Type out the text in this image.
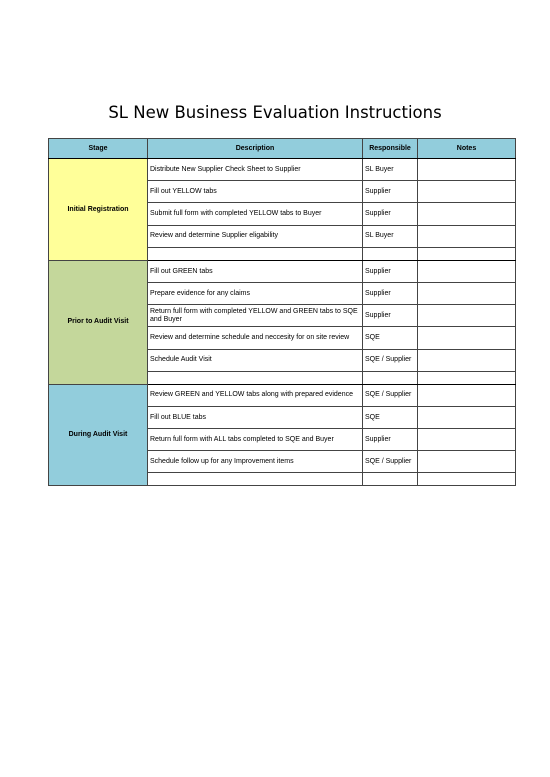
SL New Business Evaluation Instructions
Stage	Description	Responsible	Notes
Initial Registration	Distribute New Supplier Check Sheet to Supplier	SL Buyer	
	Fill out YELLOW tabs	Supplier	
	Submit full form with completed YELLOW tabs to Buyer	Supplier	
	Review and determine Supplier eligability	SL Buyer	

Prior to Audit Visit	Fill out GREEN tabs	Supplier	
	Prepare evidence for any claims	Supplier	
	Return full form with completed YELLOW and GREEN tabs to SQE and Buyer	Supplier	
	Review and determine schedule and neccesity for on site review	SQE	
	Schedule Audit Visit	SQE / Supplier	

During Audit Visit	Review GREEN and YELLOW tabs along with prepared evidence	SQE / Supplier	
	Fill out BLUE tabs	SQE	
	Return full form with ALL tabs completed to SQE and Buyer	Supplier	
	Schedule follow up for any Improvement items	SQE / Supplier	
